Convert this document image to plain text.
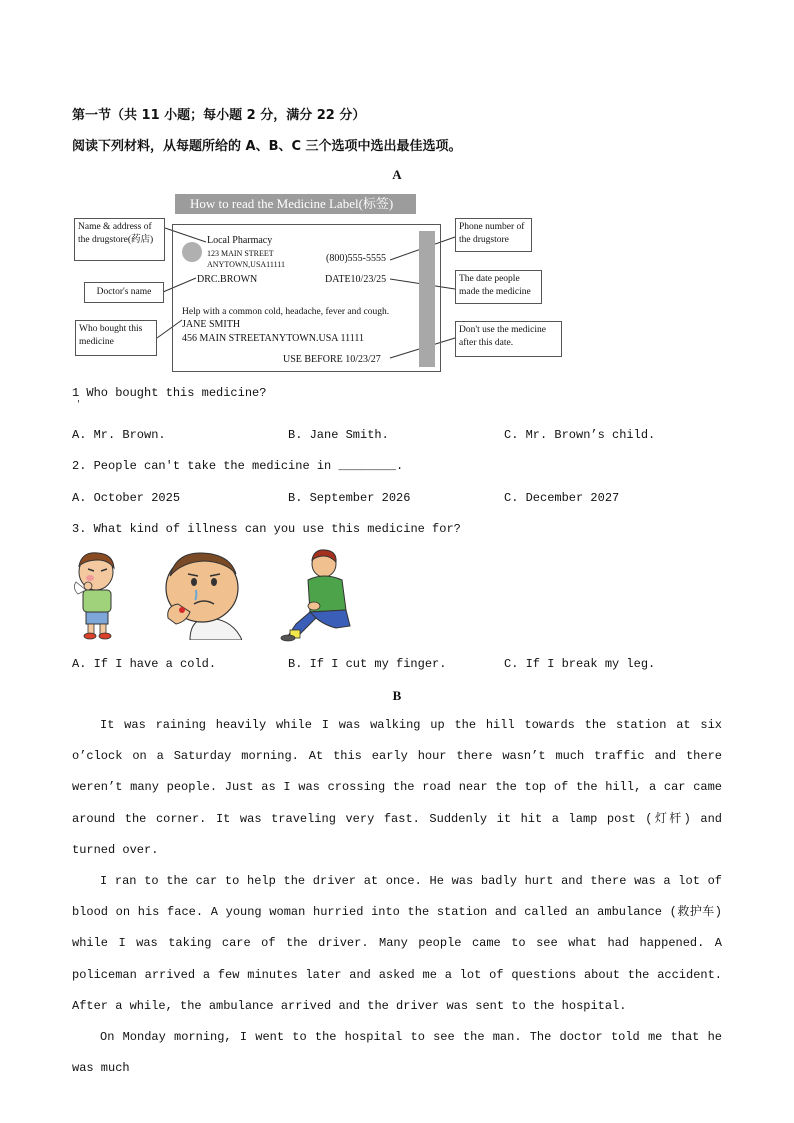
第一节（共 11 小题；每小题 2 分，满分 22 分）
阅读下列材料，从每题所给的 A、B、C 三个选项中选出最佳选项。
A
How to read the Medicine Label(标签)
Local Pharmacy
123 MAIN STREET
ANYTOWN,USA11111
(800)555-5555
DRC.BROWN	DATE10/23/25
Help with a common cold, headache, fever and cough.
JANE SMITH
456 MAIN STREETANYTOWN.USA 11111
USE BEFORE 10/23/27
Name & address of the drugstore(药店)
Doctor's name
Who bought this medicine
Phone number of the drugstore
The date people made the medicine
Don't use the medicine after this date.
1 Who bought this medicine?
'
A. Mr. Brown.	B. Jane Smith.	C. Mr. Brown’s child.
2. People can't take the medicine in ________.
A. October 2025	B. September 2026	C. December 2027
3. What kind of illness can you use this medicine for?
A. If I have a cold.	B. If I cut my finger.	C. If I break my leg.
B

It was raining heavily while I was walking up the hill towards the station at six o’clock on a Saturday morning. At this early hour there wasn’t much traffic and there weren’t many people. Just as I was crossing the road near the top of the hill, a car came around the corner. It was traveling very fast. Suddenly it hit a lamp post (灯杆) and turned over.

I ran to the car to help the driver at once. He was badly hurt and there was a lot of blood on his face. A young woman hurried into the station and called an ambulance (救护车) while I was taking care of the driver. Many people came to see what had happened. A policeman arrived a few minutes later and asked me a lot of questions about the accident. After a while, the ambulance arrived and the driver was sent to the hospital.

On Monday morning, I went to the hospital to see the man. The doctor told me that he was much
